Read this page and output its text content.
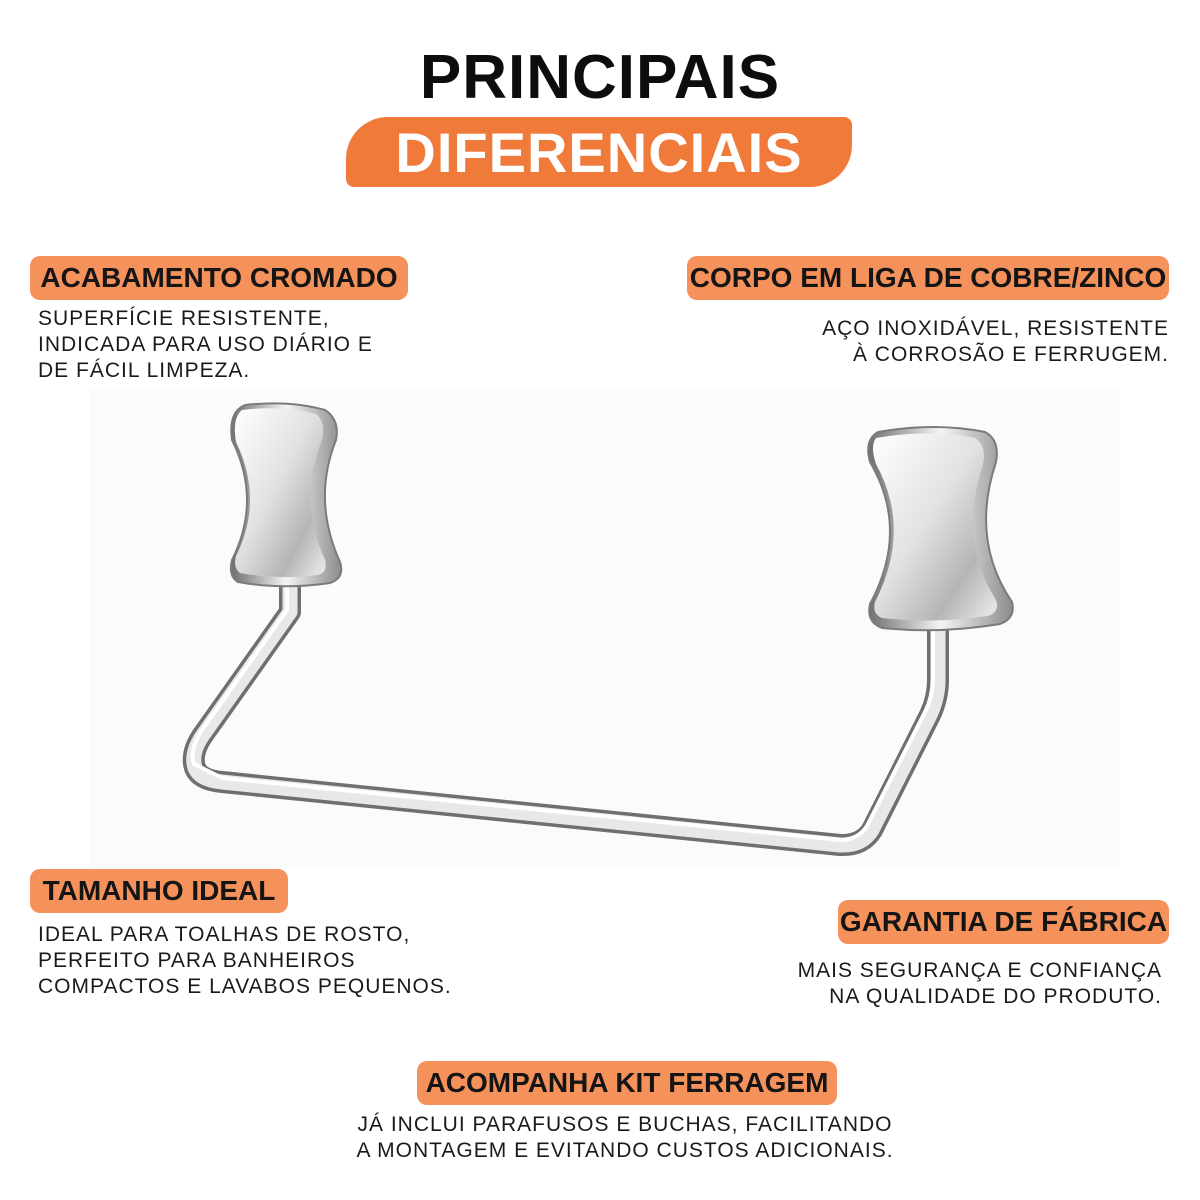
PRINCIPAIS
DIFERENCIAIS
ACABAMENTO CROMADO
SUPERFÍCIE RESISTENTE,
INDICADA PARA USO DIÁRIO E
DE FÁCIL LIMPEZA.
CORPO EM LIGA DE COBRE/ZINCO
AÇO INOXIDÁVEL, RESISTENTE
À CORROSÃO E FERRUGEM.
TAMANHO IDEAL
IDEAL PARA TOALHAS DE ROSTO,
PERFEITO PARA BANHEIROS
COMPACTOS E LAVABOS PEQUENOS.
GARANTIA DE FÁBRICA
MAIS SEGURANÇA E CONFIANÇA
NA QUALIDADE DO PRODUTO.
ACOMPANHA KIT FERRAGEM
JÁ INCLUI PARAFUSOS E BUCHAS, FACILITANDO
A MONTAGEM E EVITANDO CUSTOS ADICIONAIS.
